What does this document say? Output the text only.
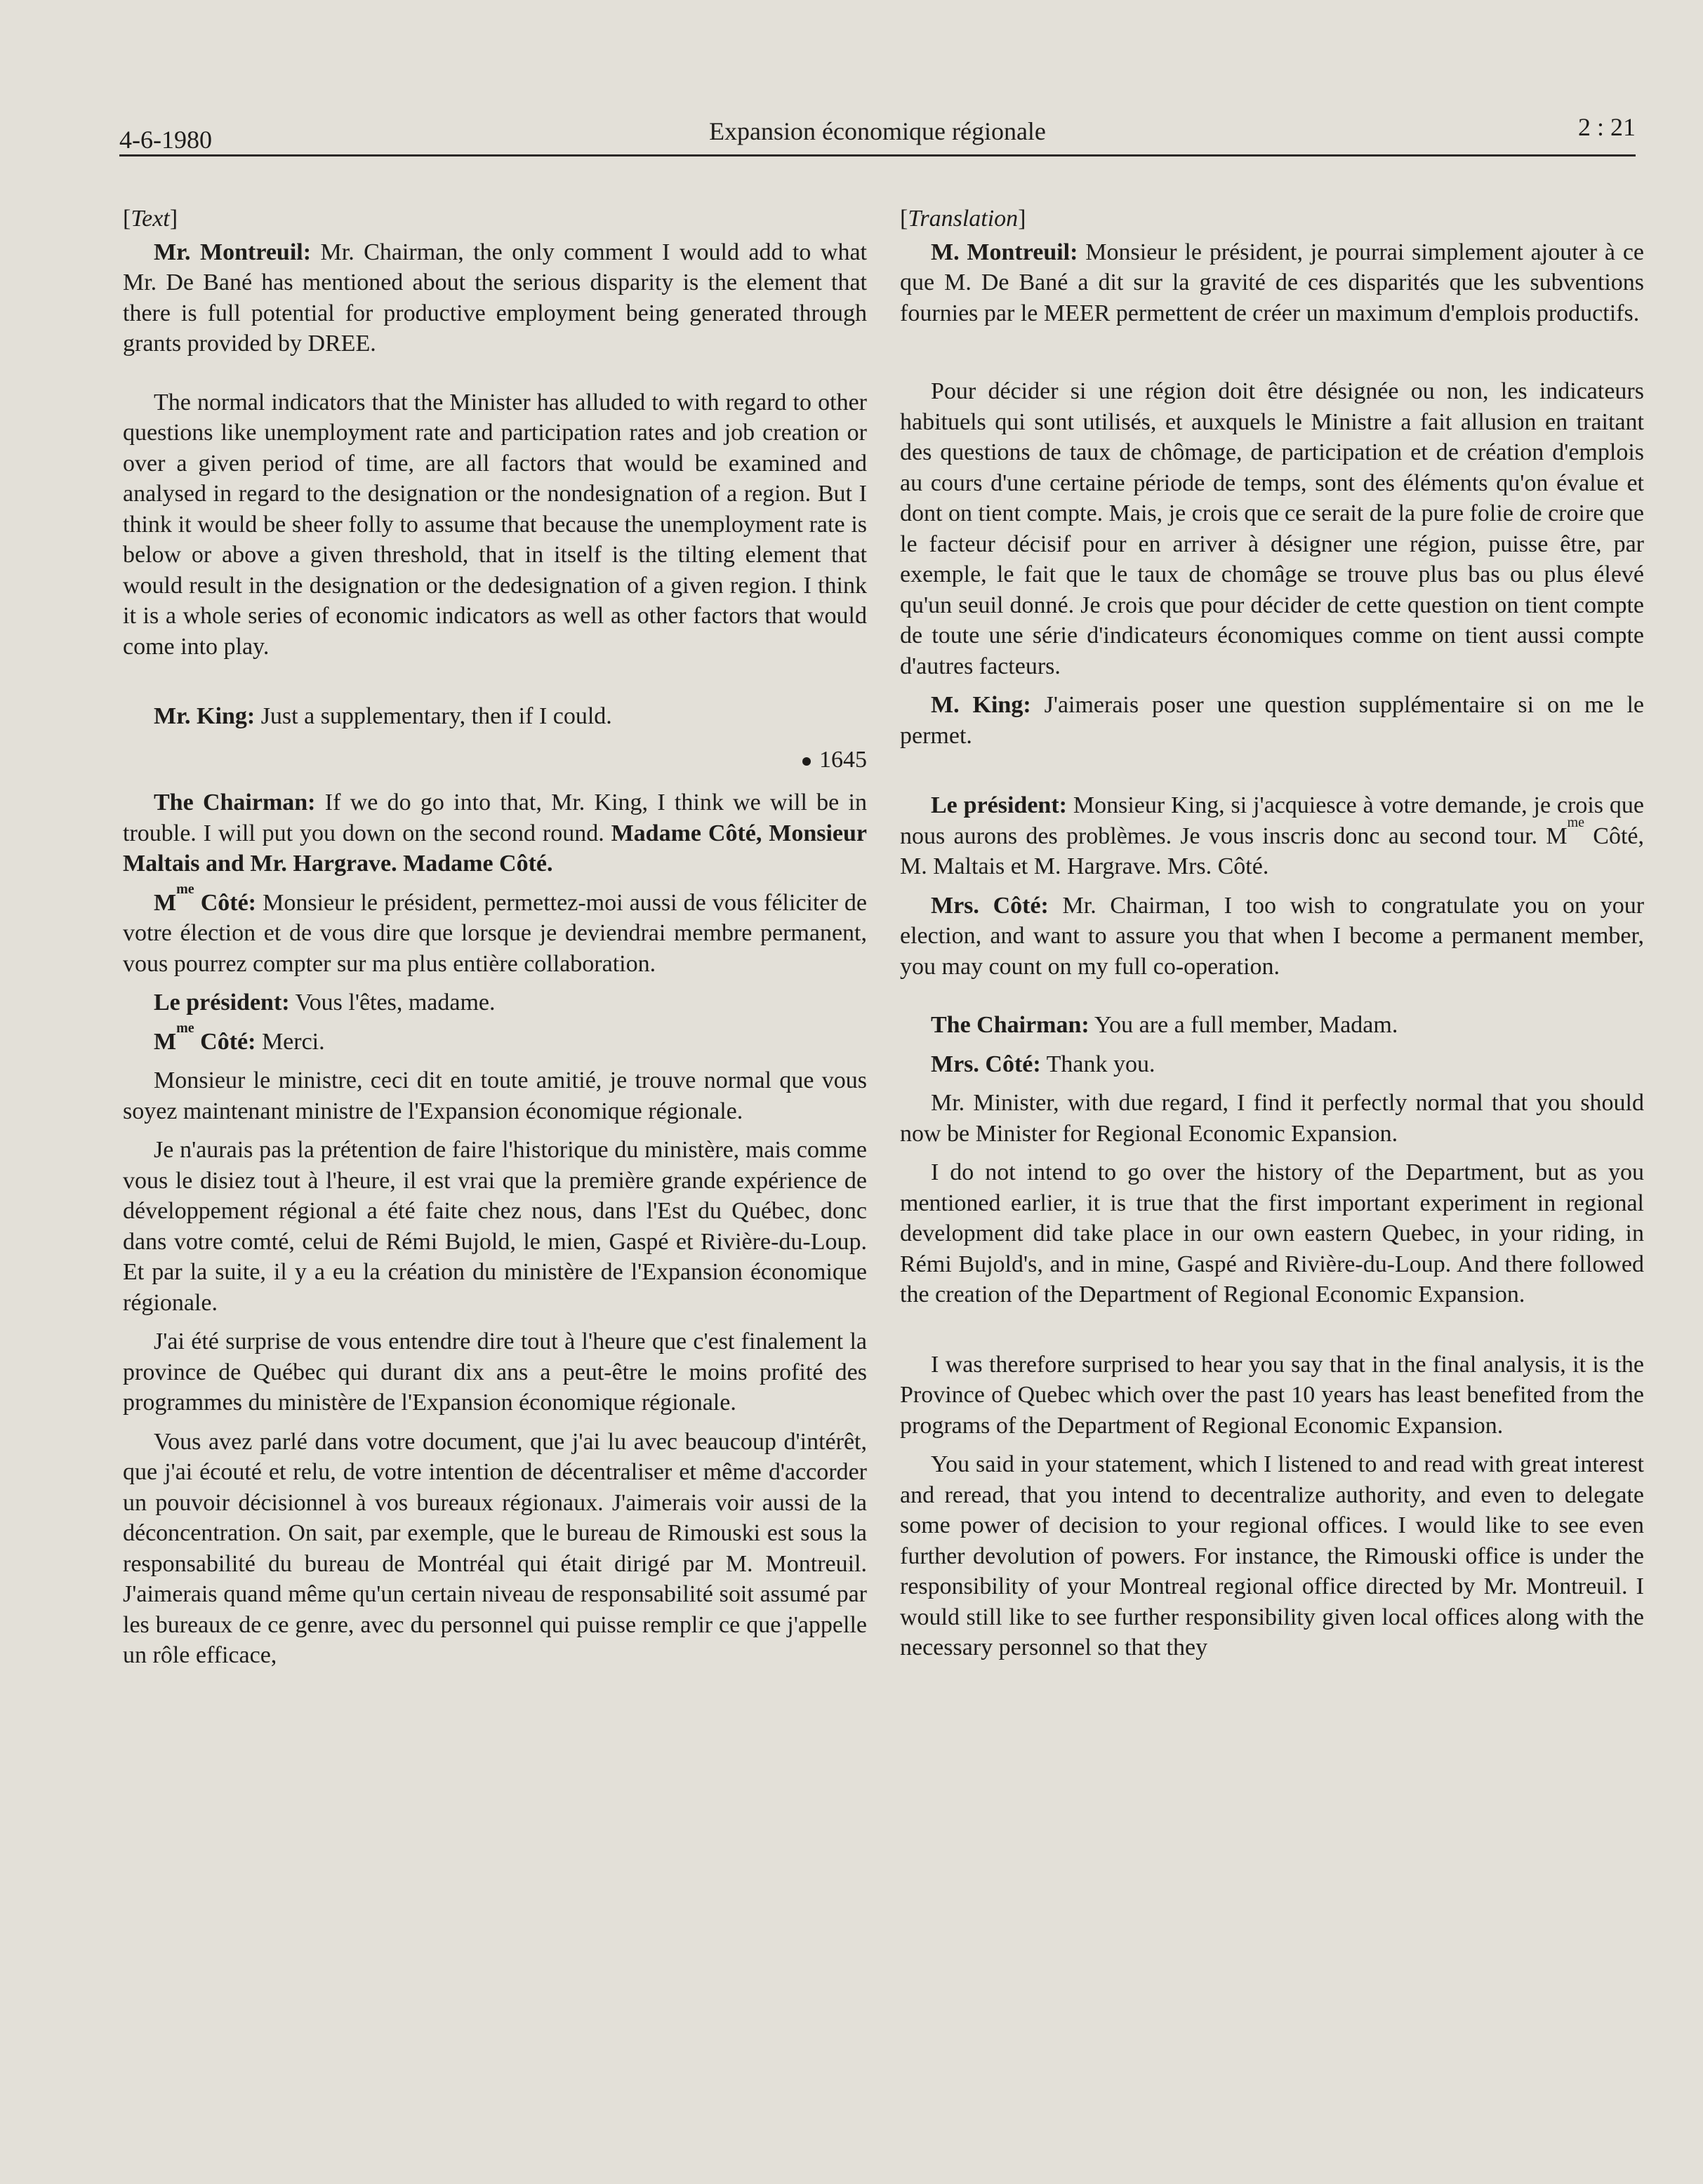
4-6-1980	Expansion économique régionale	2 : 21
[Text]

Mr. Montreuil: Mr. Chairman, the only comment I would add to what Mr. De Bané has mentioned about the serious disparity is the element that there is full potential for productive employment being generated through grants provided by DREE.

The normal indicators that the Minister has alluded to with regard to other questions like unemployment rate and participation rates and job creation or over a given period of time, are all factors that would be examined and analysed in regard to the designation or the nondesignation of a region. But I think it would be sheer folly to assume that because the unemployment rate is below or above a given threshold, that in itself is the tilting element that would result in the designation or the dedesignation of a given region. I think it is a whole series of economic indicators as well as other factors that would come into play.

Mr. King: Just a supplementary, then if I could.

1645

The Chairman: If we do go into that, Mr. King, I think we will be in trouble. I will put you down on the second round. Madame Côté, Monsieur Maltais and Mr. Hargrave. Madame Côté.

$M^{me}$ Côté: Monsieur le président, permettez-moi aussi de vous féliciter de votre élection et de vous dire que lorsque je deviendrai membre permanent, vous pourrez compter sur ma plus entière collaboration.

Le président: Vous l'êtes, madame.

$M^{me}$ Côté: Merci.

Monsieur le ministre, ceci dit en toute amitié, je trouve normal que vous soyez maintenant ministre de l'Expansion économique régionale.

Je n'aurais pas la prétention de faire l'historique du ministère, mais comme vous le disiez tout à l'heure, il est vrai que la première grande expérience de développement régional a été faite chez nous, dans l'Est du Québec, donc dans votre comté, celui de Rémi Bujold, le mien, Gaspé et Rivière-du-Loup. Et par la suite, il y a eu la création du ministère de l'Expansion économique régionale.

J'ai été surprise de vous entendre dire tout à l'heure que c'est finalement la province de Québec qui durant dix ans a peut-être le moins profité des programmes du ministère de l'Expansion économique régionale.

Vous avez parlé dans votre document, que j'ai lu avec beaucoup d'intérêt, que j'ai écouté et relu, de votre intention de décentraliser et même d'accorder un pouvoir décisionnel à vos bureaux régionaux. J'aimerais voir aussi de la déconcentration. On sait, par exemple, que le bureau de Rimouski est sous la responsabilité du bureau de Montréal qui était dirigé par M. Montreuil. J'aimerais quand même qu'un certain niveau de responsabilité soit assumé par les bureaux de ce genre, avec du personnel qui puisse remplir ce que j'appelle un rôle efficace,

[Translation]

M. Montreuil: Monsieur le président, je pourrai simplement ajouter à ce que M. De Bané a dit sur la gravité de ces disparités que les subventions fournies par le MEER permettent de créer un maximum d'emplois productifs.

Pour décider si une région doit être désignée ou non, les indicateurs habituels qui sont utilisés, et auxquels le Ministre a fait allusion en traitant des questions de taux de chômage, de participation et de création d'emplois au cours d'une certaine période de temps, sont des éléments qu'on évalue et dont on tient compte. Mais, je crois que ce serait de la pure folie de croire que le facteur décisif pour en arriver à désigner une région, puisse être, par exemple, le fait que le taux de chomâge se trouve plus bas ou plus élevé qu'un seuil donné. Je crois que pour décider de cette question on tient compte de toute une série d'indicateurs économiques comme on tient aussi compte d'autres facteurs.

M. King: J'aimerais poser une question supplémentaire si on me le permet.

Le président: Monsieur King, si j'acquiesce à votre demande, je crois que nous aurons des problèmes. Je vous inscris donc au second tour. $M^{me}$ Côté, M. Maltais et M. Hargrave. Mrs. Côté.

Mrs. Côté: Mr. Chairman, I too wish to congratulate you on your election, and want to assure you that when I become a permanent member, you may count on my full co-operation.

The Chairman: You are a full member, Madam.

Mrs. Côté: Thank you.

Mr. Minister, with due regard, I find it perfectly normal that you should now be Minister for Regional Economic Expansion.

I do not intend to go over the history of the Department, but as you mentioned earlier, it is true that the first important experiment in regional development did take place in our own eastern Quebec, in your riding, in Rémi Bujold's, and in mine, Gaspé and Rivière-du-Loup. And there followed the creation of the Department of Regional Economic Expansion.

I was therefore surprised to hear you say that in the final analysis, it is the Province of Quebec which over the past 10 years has least benefited from the programs of the Department of Regional Economic Expansion.

You said in your statement, which I listened to and read with great interest and reread, that you intend to decentralize authority, and even to delegate some power of decision to your regional offices. I would like to see even further devolution of powers. For instance, the Rimouski office is under the responsibility of your Montreal regional office directed by Mr. Montreuil. I would still like to see further responsibility given local offices along with the necessary personnel so that they
